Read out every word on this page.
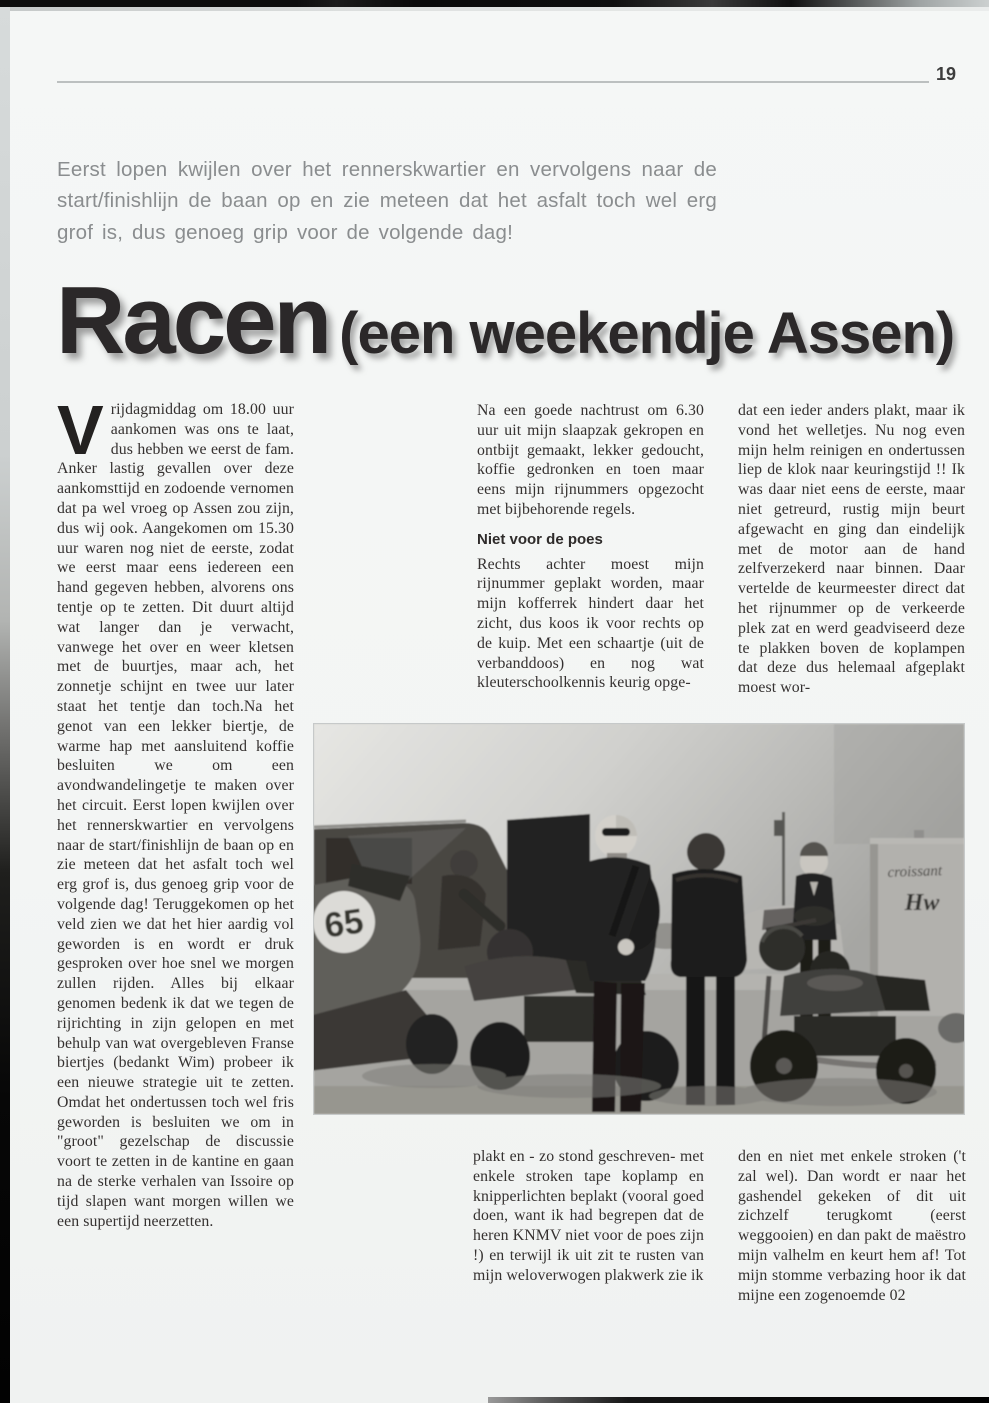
19

Eerst lopen kwijlen over het rennerskwartier en vervolgens naar de start/finishlijn de baan op en zie meteen dat het asfalt toch wel erg grof is, dus genoeg grip voor de volgende dag!

Racen (een weekendje Assen)
Vrijdagmiddag om 18.00 uur aankomen was ons te laat, dus hebben we eerst de fam. Anker lastig gevallen over deze aankomsttijd en zodoende vernomen dat pa wel vroeg op Assen zou zijn, dus wij ook. Aangekomen om 15.30 uur waren nog niet de eerste, zodat we eerst maar eens iedereen een hand gegeven hebben, alvorens ons tentje op te zetten. Dit duurt altijd wat langer dan je verwacht, vanwege het over en weer kletsen met de buurtjes, maar ach, het zonnetje schijnt en twee uur later staat het tentje dan toch.Na het genot van een lekker biertje, de warme hap met aansluitend koffie besluiten we om een avondwandelingetje te maken over het circuit. Eerst lopen kwijlen over het rennerskwartier en vervolgens naar de start/finishlijn de baan op en zie meteen dat het asfalt toch wel erg grof is, dus genoeg grip voor de volgende dag! Teruggekomen op het veld zien we dat het hier aardig vol geworden is en wordt er druk gesproken over hoe snel we morgen zullen rijden. Alles bij elkaar genomen bedenk ik dat we tegen de rijrichting in zijn gelopen en met behulp van wat overgebleven Franse biertjes (bedankt Wim) probeer ik een nieuwe strategie uit te zetten. Omdat het ondertussen toch wel fris geworden is besluiten we om in "groot" gezelschap de discussie voort te zetten in de kantine en gaan na de sterke verhalen van Issoire op tijd slapen want morgen willen we een supertijd neerzetten.

Na een goede nachtrust om 6.30 uur uit mijn slaapzak gekropen en ontbijt gemaakt, lekker gedoucht, koffie gedronken en toen maar eens mijn rijnummers opgezocht met bijbehorende regels.

Niet voor de poes

Rechts achter moest mijn rijnummer geplakt worden, maar mijn kofferrek hindert daar het zicht, dus koos ik voor rechts op de kuip. Met een schaartje (uit de verbanddoos) en nog wat kleuterschoolkennis keurig opge-

dat een ieder anders plakt, maar ik vond het welletjes. Nu nog even mijn helm reinigen en ondertussen liep de klok naar keuringstijd !! Ik was daar niet eens de eerste, maar niet getreurd, rustig mijn beurt afgewacht en ging dan eindelijk met de motor aan de hand zelfverzekerd naar binnen. Daar vertelde de keurmeester direct dat het rijnummer op de verkeerde plek zat en werd geadviseerd deze te plakken boven de koplampen dat deze dus helemaal afgeplakt moest wor-
croissant
Hw
65
plakt en - zo stond geschreven- met enkele stroken tape koplamp en knipperlichten beplakt (vooral goed doen, want ik had begrepen dat de heren KNMV niet voor de poes zijn !) en terwijl ik uit zit te rusten van mijn weloverwogen plakwerk zie ik
den en niet met enkele stroken ('t zal wel). Dan wordt er naar het gashendel gekeken of dit uit zichzelf terugkomt (eerst weggooien) en dan pakt de maëstro mijn valhelm en keurt hem af! Tot mijn stomme verbazing hoor ik dat mijne een zogenoemde 02
